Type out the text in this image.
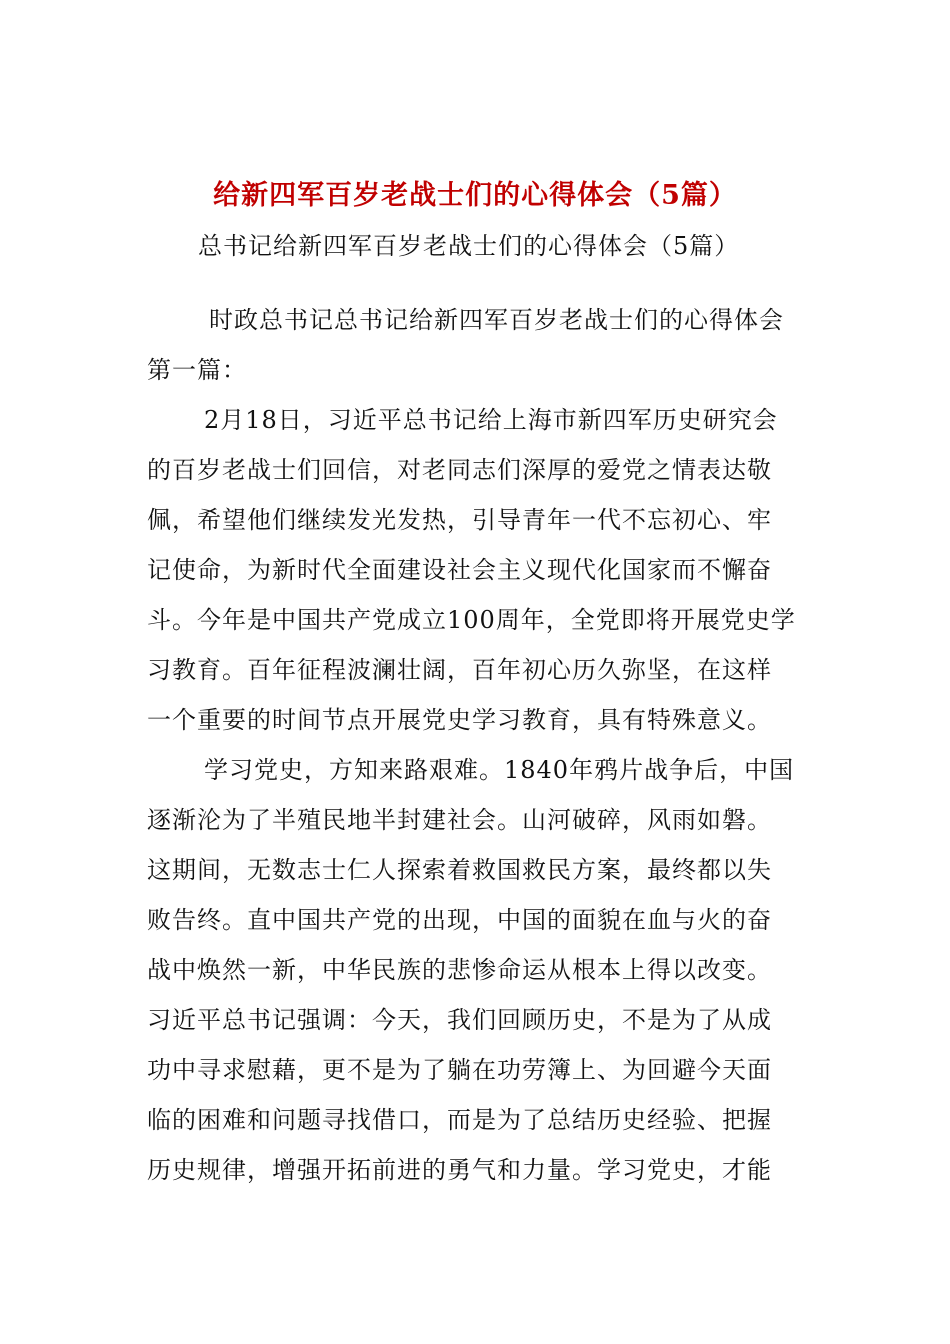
给新四军百岁老战士们的心得体会（5篇）
总书记给新四军百岁老战士们的心得体会（5篇）
时政总书记总书记给新四军百岁老战士们的心得体会
第一篇：
2月18日，习近平总书记给上海市新四军历史研究会
的百岁老战士们回信，对老同志们深厚的爱党之情表达敬
佩，希望他们继续发光发热，引导青年一代不忘初心、牢
记使命，为新时代全面建设社会主义现代化国家而不懈奋
斗。今年是中国共产党成立100周年，全党即将开展党史学
习教育。百年征程波澜壮阔，百年初心历久弥坚，在这样
一个重要的时间节点开展党史学习教育，具有特殊意义。
学习党史，方知来路艰难。1840年鸦片战争后，中国
逐渐沦为了半殖民地半封建社会。山河破碎，风雨如磐。
这期间，无数志士仁人探索着救国救民方案，最终都以失
败告终。直中国共产党的出现，中国的面貌在血与火的奋
战中焕然一新，中华民族的悲惨命运从根本上得以改变。
习近平总书记强调：今天，我们回顾历史，不是为了从成
功中寻求慰藉，更不是为了躺在功劳簿上、为回避今天面
临的困难和问题寻找借口，而是为了总结历史经验、把握
历史规律，增强开拓前进的勇气和力量。学习党史，才能
